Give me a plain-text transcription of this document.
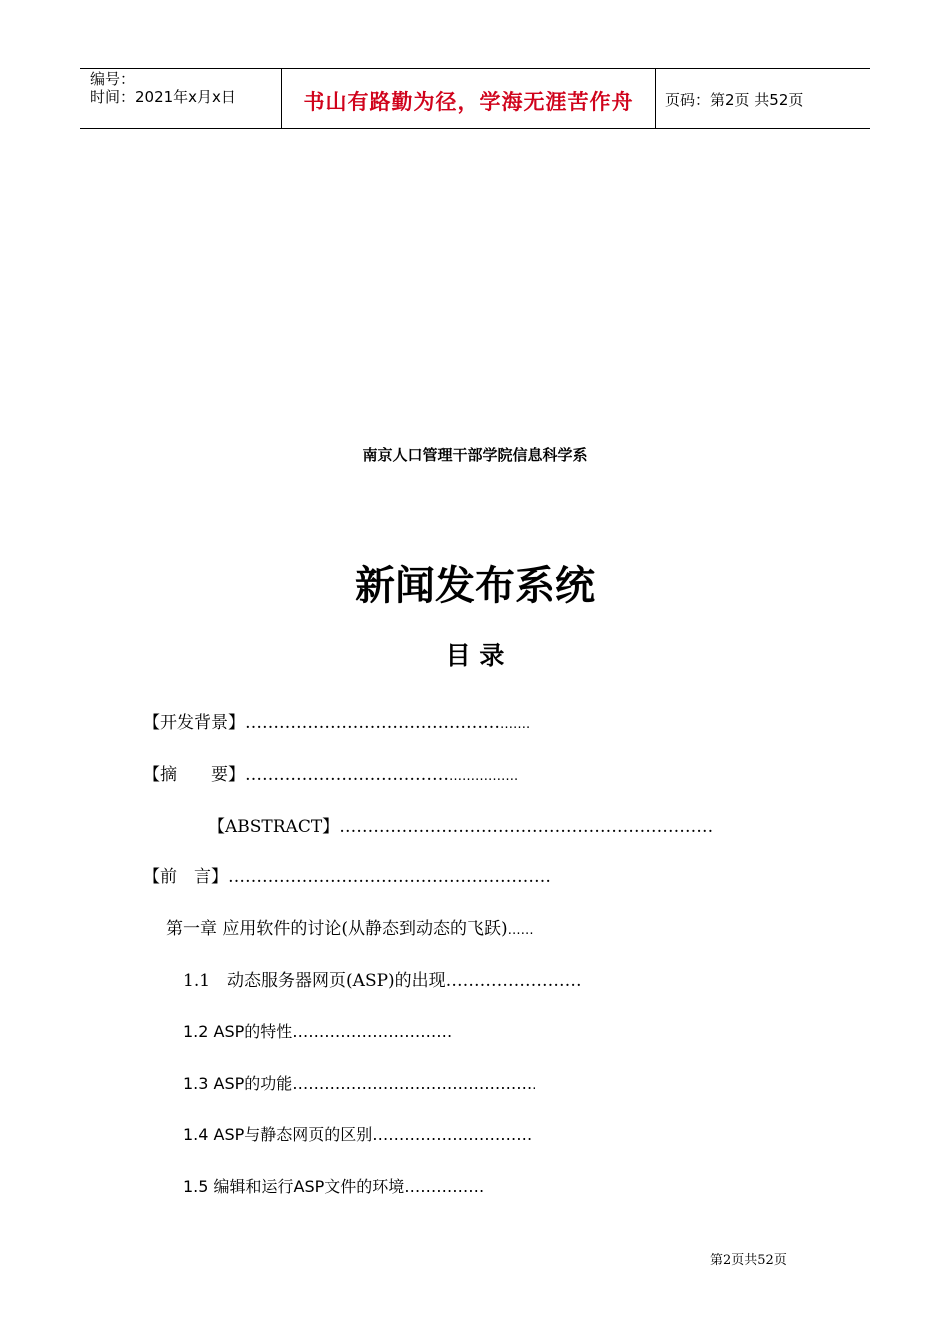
编号：
时间：2021年x月x日	书山有路勤为径，学海无涯苦作舟	页码：第2页 共52页
南京人口管理干部学院信息科学系
新闻发布系统
目 录
【开发背景】…………………………………………….
【摘　　要】…………………………………………….
【ABSTRACT】…………………………………………………………
【前　言】…………………………………………………
第一章 应用软件的讨论(从静态到动态的飞跃)……
1.1　动态服务器网页(ASP)的出现……………………
1.2 ASP的特性…………………………
1.3 ASP的功能……………………………………….
1.4 ASP与静态网页的区别…………………………
1.5 编辑和运行ASP文件的环境……………
第2页共52页
